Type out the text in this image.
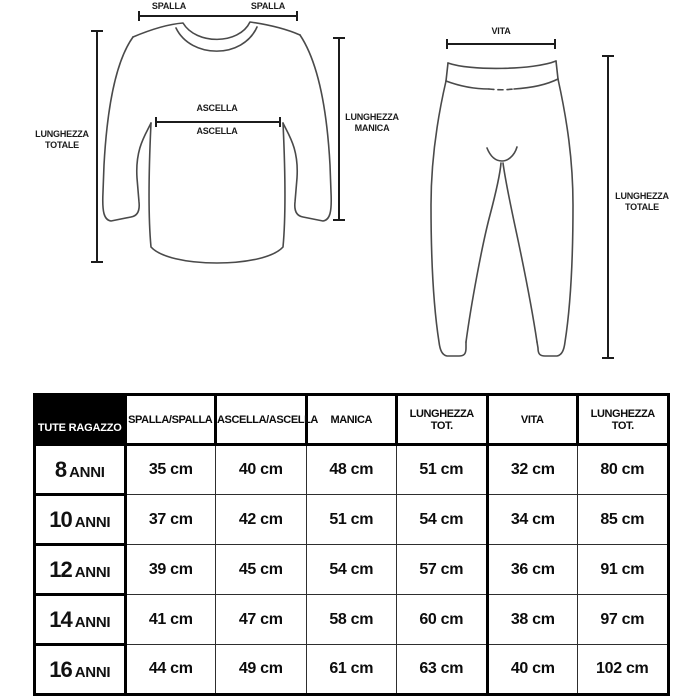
SPALLA	SPALLA
ASCELLA
ASCELLA
LUNGHEZZA
TOTALE
LUNGHEZZA
MANICA
VITA
LUNGHEZZA
TOTALE
TUTE RAGAZZO	SPALLA/SPALLA	ASCELLA/ASCELLA	MANICA	LUNGHEZZA TOT.	VITA	LUNGHEZZA TOT.
8 ANNI	35 cm	40 cm	48 cm	51 cm	32 cm	80 cm
10 ANNI	37 cm	42 cm	51 cm	54 cm	34 cm	85 cm
12 ANNI	39 cm	45 cm	54 cm	57 cm	36 cm	91 cm
14 ANNI	41 cm	47 cm	58 cm	60 cm	38 cm	97 cm
16 ANNI	44 cm	49 cm	61 cm	63 cm	40 cm	102 cm
